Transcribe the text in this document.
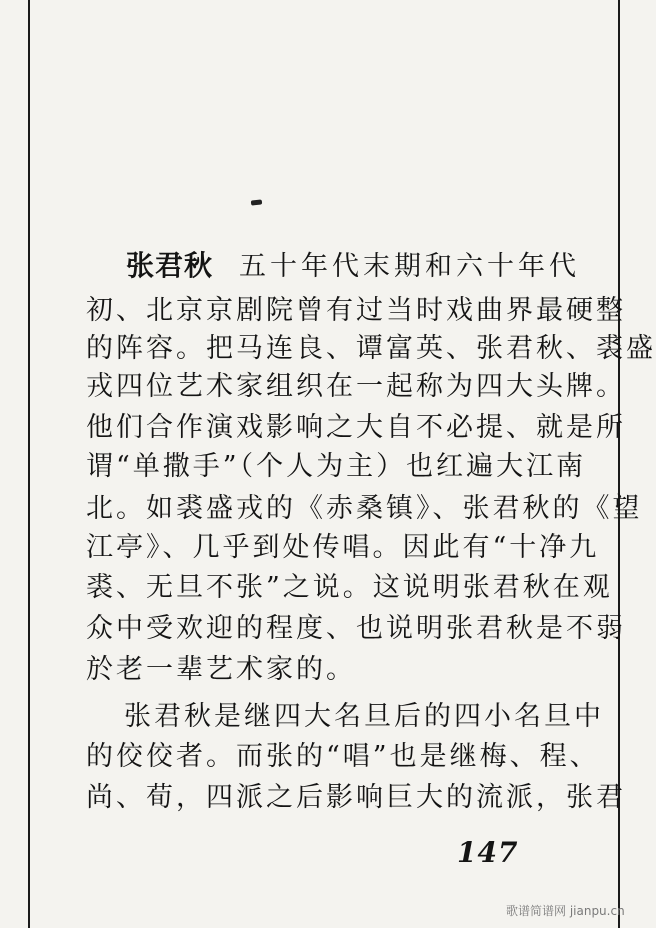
张君秋 五十年代末期和六十年代
初、北京京剧院曾有过当时戏曲界最硬整
的阵容。把马连良、谭富英、张君秋、裘盛
戎四位艺术家组织在一起称为四大头牌。
他们合作演戏影响之大自不必提、就是所
谓“单撒手”（个人为主）也红遍大江南
北。如裘盛戎的《赤桑镇》、张君秋的《望
江亭》、几乎到处传唱。因此有“十净九
裘、无旦不张”之说。这说明张君秋在观
众中受欢迎的程度、也说明张君秋是不弱
於老一辈艺术家的。
张君秋是继四大名旦后的四小名旦中
的佼佼者。而张的“唱”也是继梅、程、
尚、荀，四派之后影响巨大的流派，张君
147
歌谱简谱网 jianpu.cn
